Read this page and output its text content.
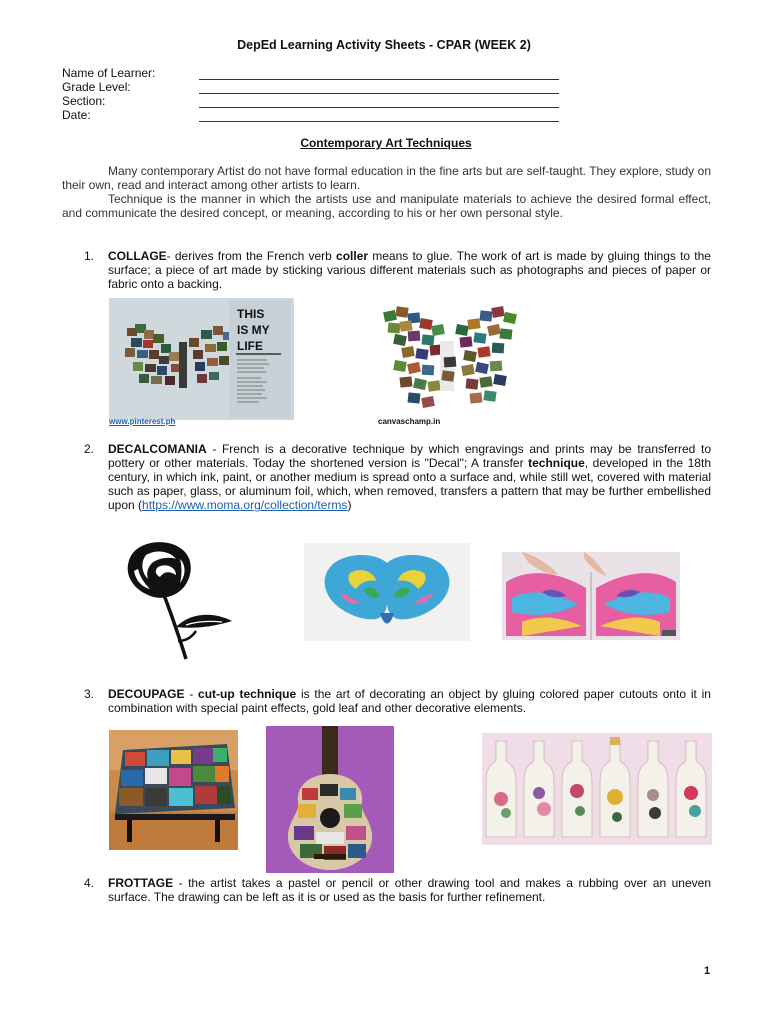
DepEd Learning Activity Sheets - CPAR (WEEK 2)
Name of Learner:
Grade Level:
Section:
Date:
Contemporary Art Techniques
Many contemporary Artist do not have formal education in the fine arts but are self-taught. They explore, study on their own, read and interact among other artists to learn.
Technique is the manner in which the artists use and manipulate materials to achieve the desired formal effect, and communicate the desired concept, or meaning, according to his or her own personal style.
1. COLLAGE- derives from the French verb coller means to glue. The work of art is made by gluing things to the surface; a piece of art made by sticking various different materials such as photographs and pieces of paper or fabric onto a backing.
THIS IS MY LIFE
www.pinterest.ph	canvaschamp.in
2. DECALCOMANIA - French is a decorative technique by which engravings and prints may be transferred to pottery or other materials. Today the shortened version is "Decal"; A transfer technique, developed in the 18th century, in which ink, paint, or another medium is spread onto a surface and, while still wet, covered with material such as paper, glass, or aluminum foil, which, when removed, transfers a pattern that may be further embellished upon (https://www.moma.org/collection/terms)
3. DECOUPAGE - cut-up technique is the art of decorating an object by gluing colored paper cutouts onto it in combination with special paint effects, gold leaf and other decorative elements.
4. FROTTAGE - the artist takes a pastel or pencil or other drawing tool and makes a rubbing over an uneven surface. The drawing can be left as it is or used as the basis for further refinement.
1
